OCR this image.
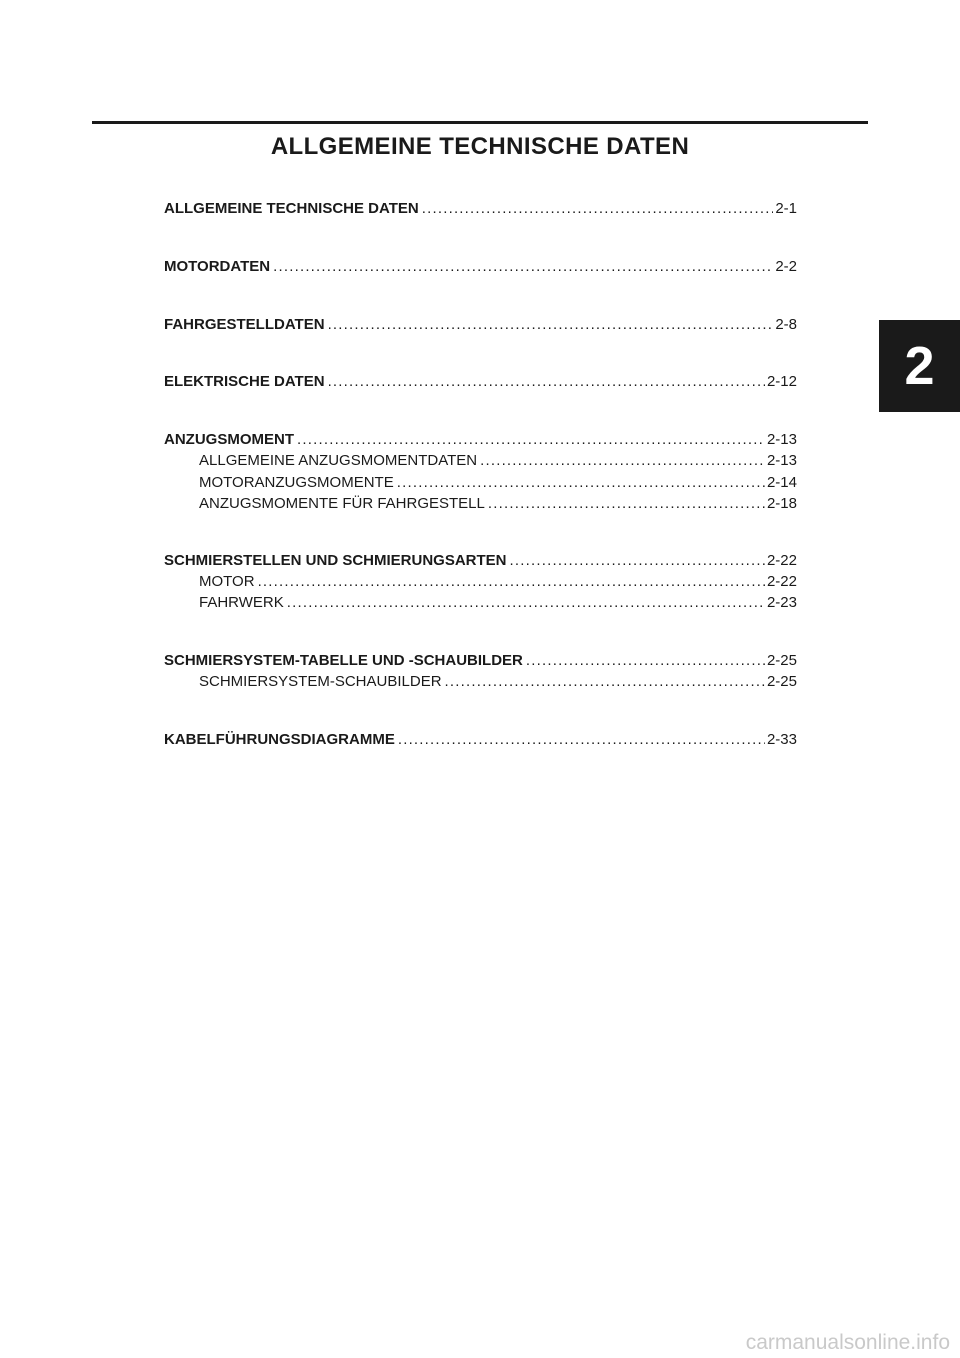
ALLGEMEINE TECHNISCHE DATEN
2
ALLGEMEINE TECHNISCHE DATEN .....	2-1
MOTORDATEN .....	2-2
FAHRGESTELLDATEN .....	2-8
ELEKTRISCHE DATEN .....	2-12
ANZUGSMOMENT .....	2-13
ALLGEMEINE ANZUGSMOMENTDATEN .....	2-13
MOTORANZUGSMOMENTE .....	2-14
ANZUGSMOMENTE FÜR FAHRGESTELL .....	2-18
SCHMIERSTELLEN UND SCHMIERUNGSARTEN .....	2-22
MOTOR .....	2-22
FAHRWERK .....	2-23
SCHMIERSYSTEM-TABELLE UND -SCHAUBILDER .....	2-25
SCHMIERSYSTEM-SCHAUBILDER .....	2-25
KABELFÜHRUNGSDIAGRAMME .....	2-33
carmanualsonline.info
